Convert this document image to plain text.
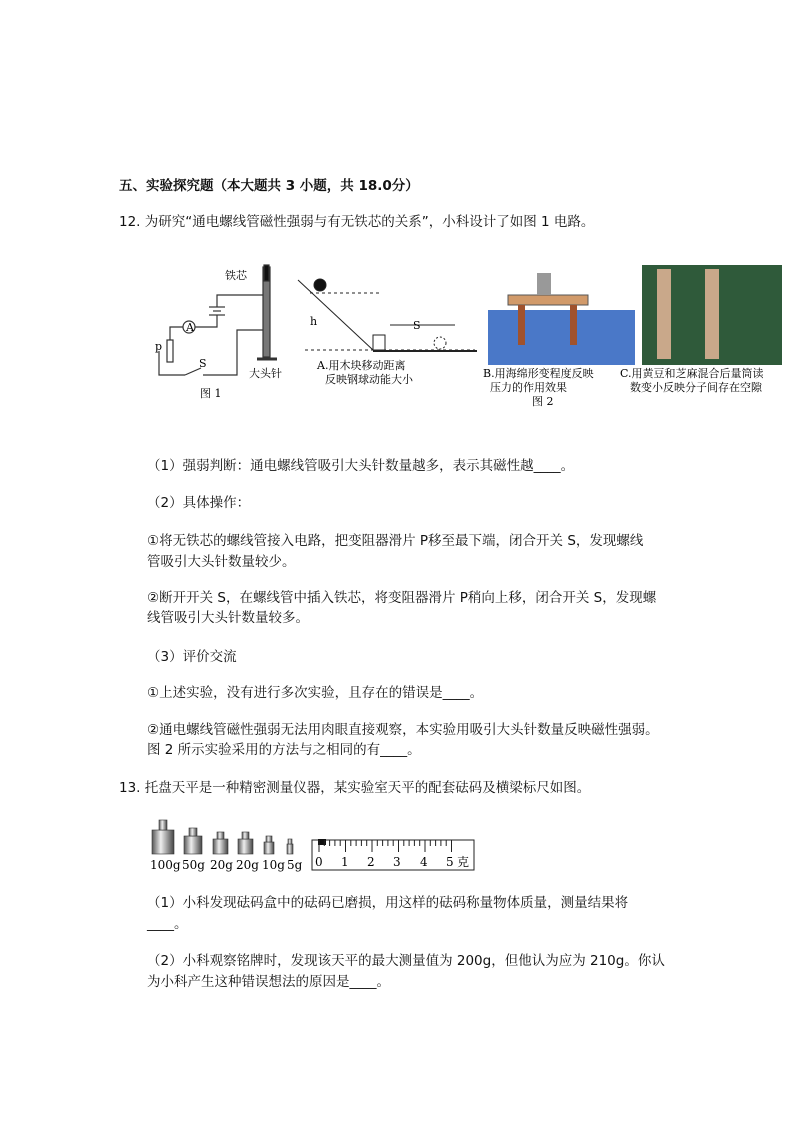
五、实验探究题（本大题共 3 小题，共 18.0分）
12. 为研究“通电螺线管磁性强弱与有无铁芯的关系”，小科设计了如图 1 电路。
铁芯
A
p
S
大头针
图 1
h	S
A.用木块移动距离
反映钢球动能大小	B.用海绵形变程度反映
压力的作用效果
图 2
C.用黄豆和芝麻混合后量筒读
数变小反映分子间存在空隙
（1）强弱判断：通电螺线管吸引大头针数量越多，表示其磁性越____。
（2）具体操作：
①将无铁芯的螺线管接入电路，把变阻器滑片 P移至最下端，闭合开关 S，发现螺线
管吸引大头针数量较少。
②断开开关 S，在螺线管中插入铁芯，将变阻器滑片 P稍向上移，闭合开关 S，发现螺
线管吸引大头针数量较多。
（3）评价交流
①上述实验，没有进行多次实验，且存在的错误是____。
②通电螺线管磁性强弱无法用肉眼直接观察，本实验用吸引大头针数量反映磁性强弱。
图 2 所示实验采用的方法与之相同的有____。
13. 托盘天平是一种精密测量仪器，某实验室天平的配套砝码及横梁标尺如图。
100g 50g 20g 20g 10g 5g 0 1 2 3 4 5 克
（1）小科发现砝码盒中的砝码已磨损，用这样的砝码称量物体质量，测量结果将
____。
（2）小科观察铭牌时，发现该天平的最大测量值为 200g，但他认为应为 210g。你认
为小科产生这种错误想法的原因是____。
